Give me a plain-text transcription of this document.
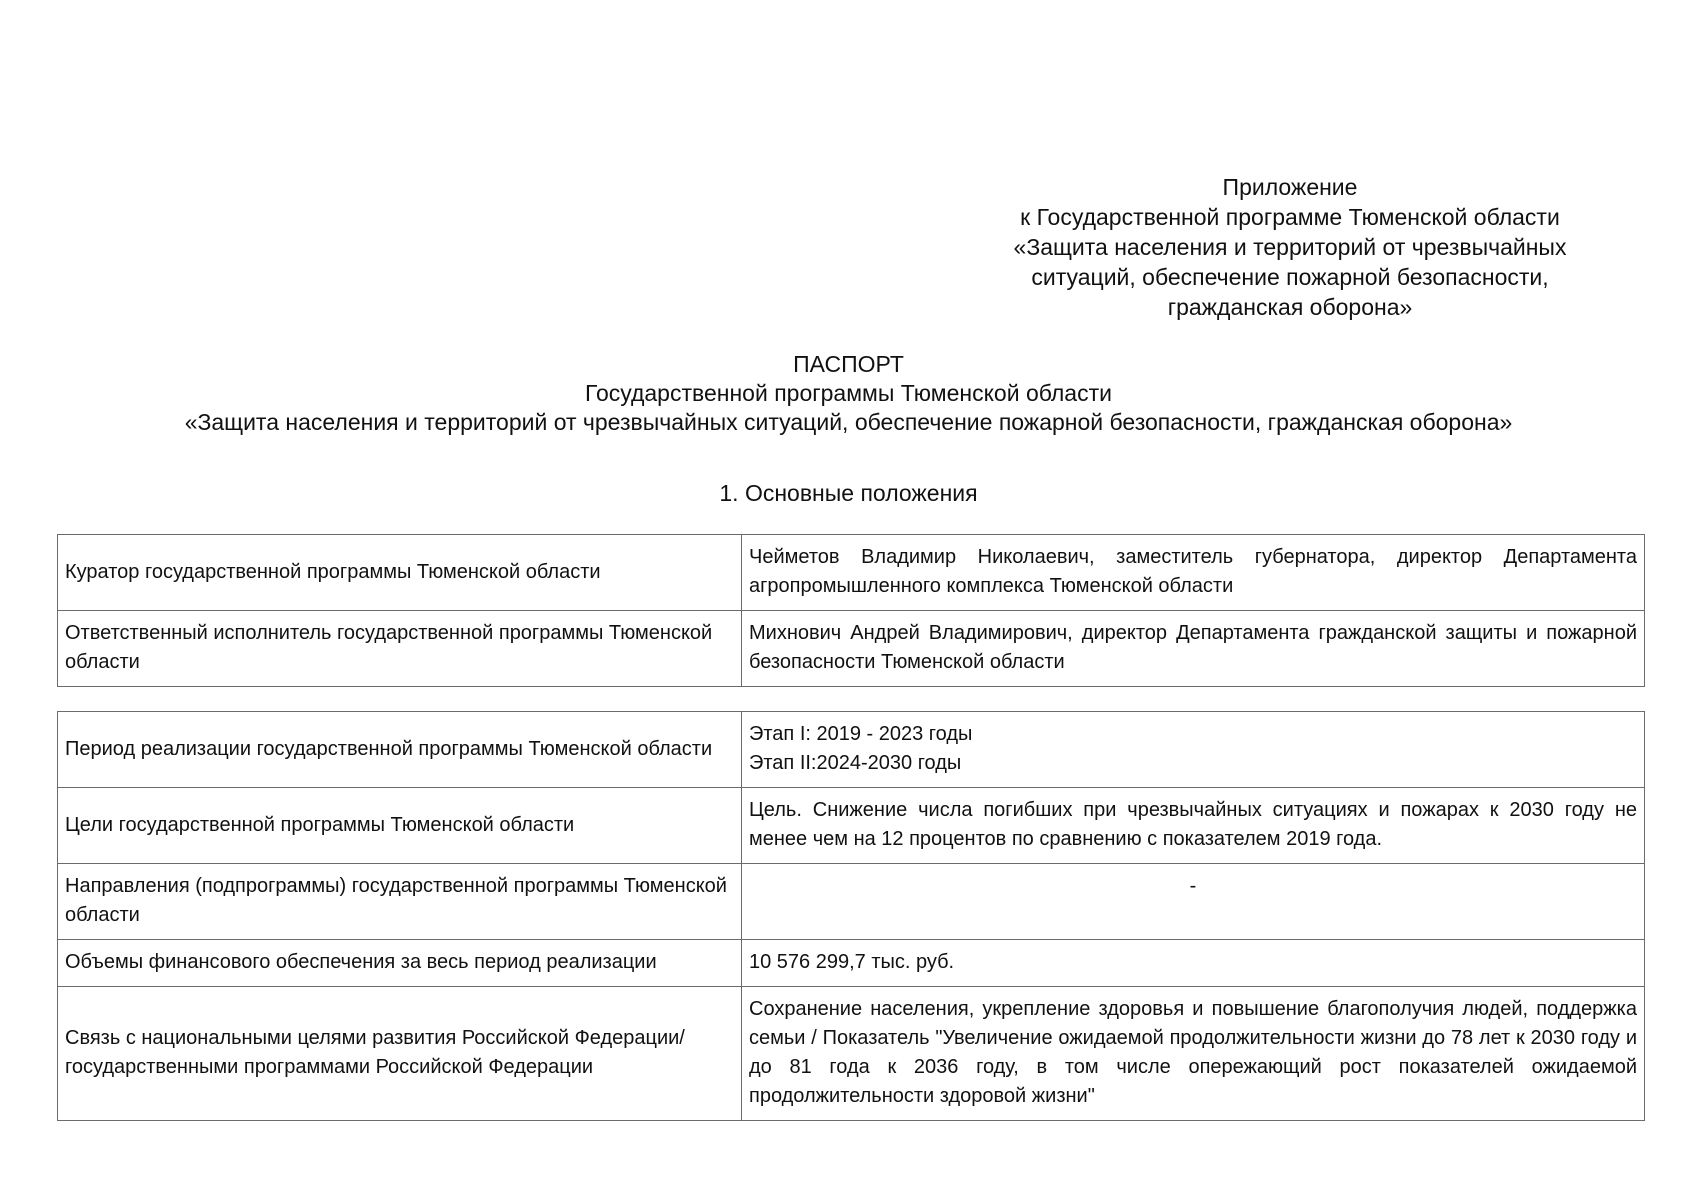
Приложение
к Государственной программе Тюменской области
«Защита населения и территорий от чрезвычайных
ситуаций, обеспечение пожарной безопасности,
гражданская оборона»
ПАСПОРТ
Государственной программы Тюменской области
«Защита населения и территорий от чрезвычайных ситуаций, обеспечение пожарной безопасности, гражданская оборона»
1. Основные положения
Куратор государственной программы Тюменской области	Чейметов Владимир Николаевич, заместитель губернатора, директор Департамента агропромышленного комплекса Тюменской области
Ответственный исполнитель государственной программы Тюменской области	Михнович Андрей Владимирович, директор Департамента гражданской защиты и пожарной безопасности Тюменской области
Период реализации государственной программы Тюменской области	Этап I: 2019 - 2023 годы
Этап II:2024-2030 годы

Цели государственной программы Тюменской области	Цель. Снижение числа погибших при чрезвычайных ситуациях и пожарах к 2030 году не менее чем на 12 процентов по сравнению с показателем 2019 года.
Направления (подпрограммы) государственной программы Тюменской области	-
Объемы финансового обеспечения за весь период реализации	10 576 299,7 тыс. руб.
Связь с национальными целями развития Российской Федерации/ государственными программами Российской Федерации	Сохранение населения, укрепление здоровья и повышение благополучия людей, поддержка семьи / Показатель "Увеличение ожидаемой продолжительности жизни до 78 лет к 2030 году и до 81 года к 2036 году, в том числе опережающий рост показателей ожидаемой продолжительности здоровой жизни"
